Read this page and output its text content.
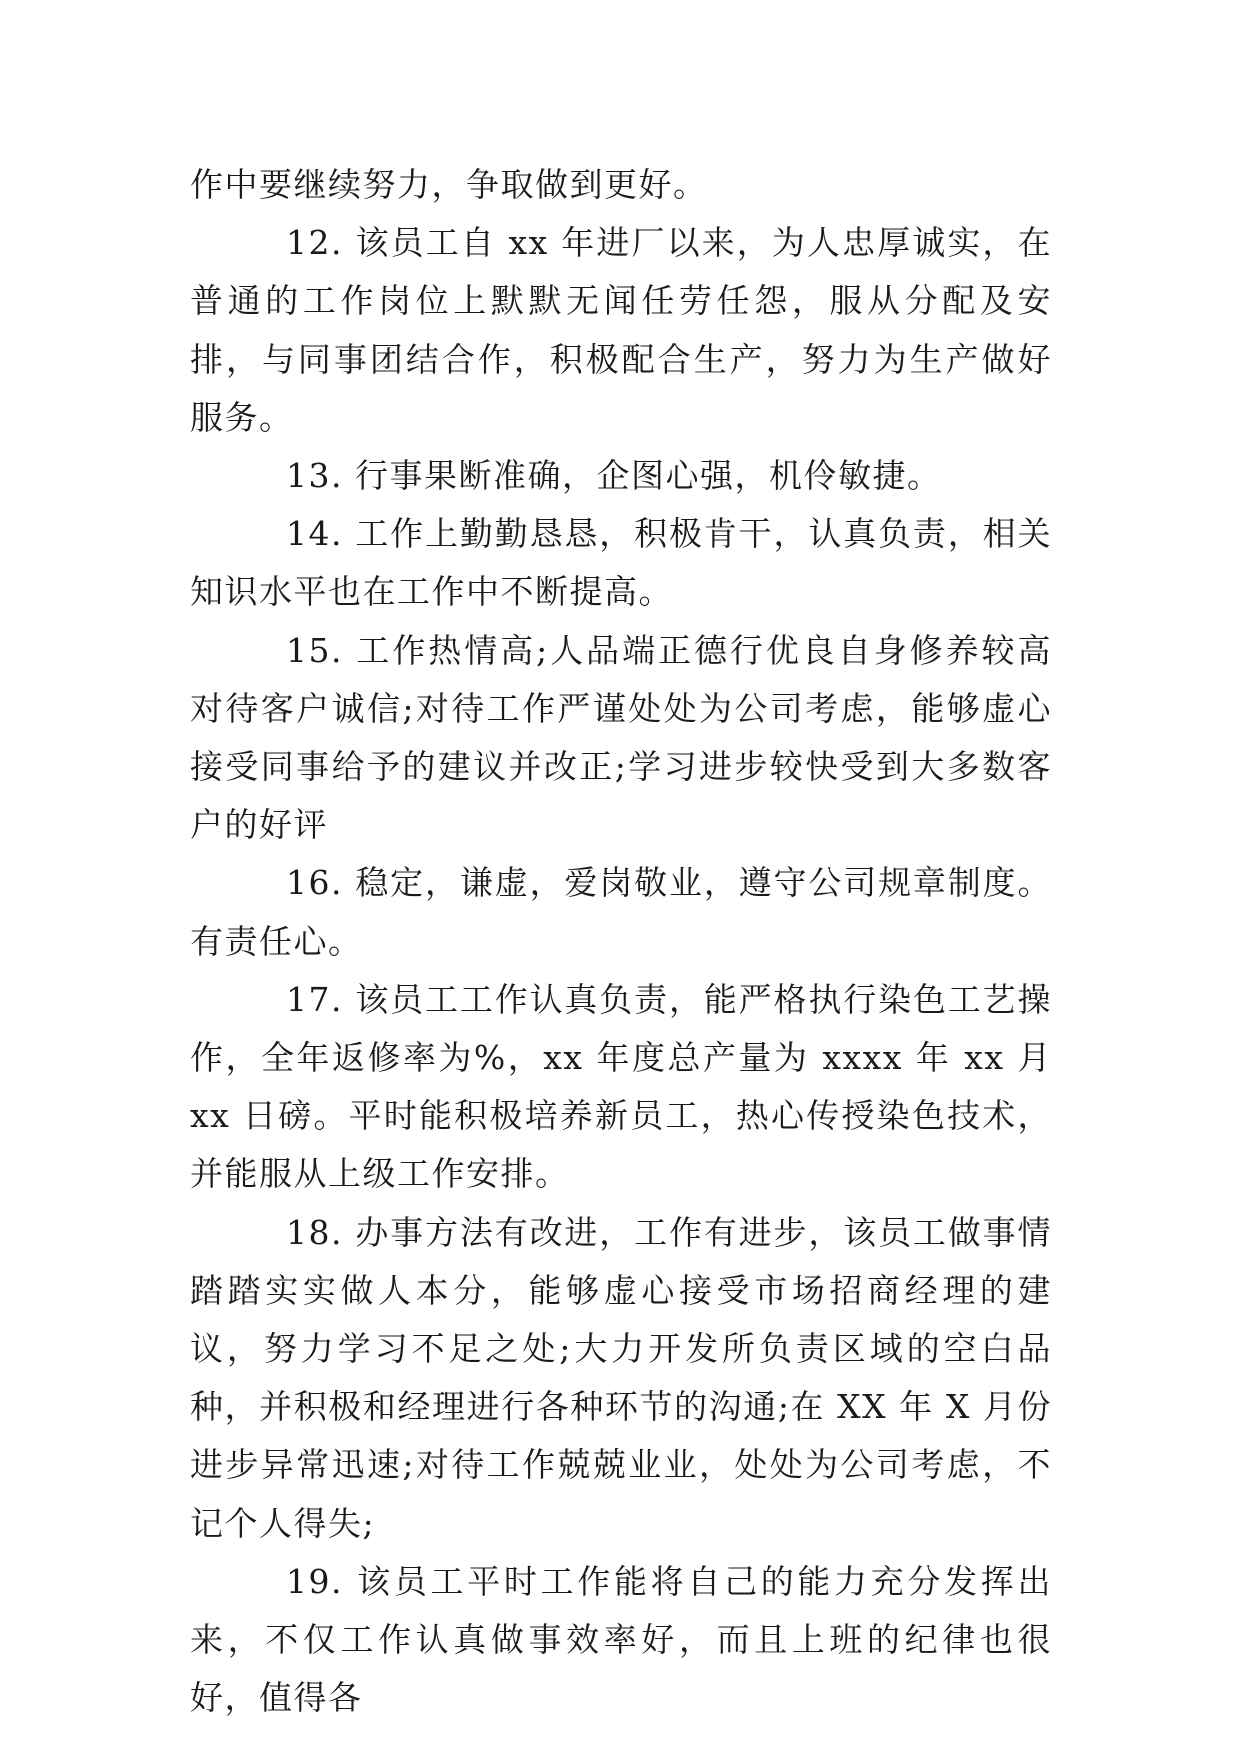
作中要继续努力，争取做到更好。

12. 该员工自 xx 年进厂以来，为人忠厚诚实，在普通的工作岗位上默默无闻任劳任怨，服从分配及安排，与同事团结合作，积极配合生产，努力为生产做好服务。

13. 行事果断准确，企图心强，机伶敏捷。

14. 工作上勤勤恳恳，积极肯干，认真负责，相关知识水平也在工作中不断提高。

15. 工作热情高;人品端正德行优良自身修养较高对待客户诚信;对待工作严谨处处为公司考虑，能够虚心接受同事给予的建议并改正;学习进步较快受到大多数客户的好评

16. 稳定，谦虚，爱岗敬业，遵守公司规章制度。有责任心。

17. 该员工工作认真负责，能严格执行染色工艺操作，全年返修率为%，xx 年度总产量为 xxxx 年 xx 月 xx 日磅。平时能积极培养新员工，热心传授染色技术，并能服从上级工作安排。

18. 办事方法有改进，工作有进步，该员工做事情踏踏实实做人本分，能够虚心接受市场招商经理的建议，努力学习不足之处;大力开发所负责区域的空白品种，并积极和经理进行各种环节的沟通;在 XX 年 X 月份进步异常迅速;对待工作兢兢业业，处处为公司考虑，不记个人得失;

19. 该员工平时工作能将自己的能力充分发挥出来，不仅工作认真做事效率好，而且上班的纪律也很好，值得各
